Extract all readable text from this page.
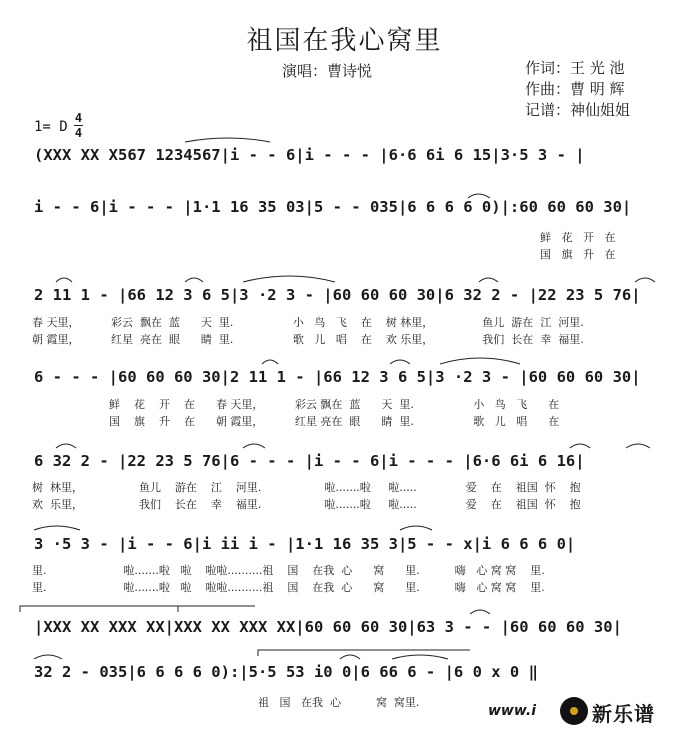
祖国在我心窝里
演唱：曹诗悦	作词：王 光 池
作曲：曹 明 辉
记谱：神仙姐姐
1= D
4
4
(XXX XX X567 1234567|i - - 6|i - - - |6·6 6i 6 15|3·5 3 - |
i - - 6|i - - - |1·1 16 35 03|5 - - 035|6 6 6 6 0)|:60 60 60 30|
鲜   花   开   在
国   旗   升   在
2 11 1 - |66 12 3 6 5|3 ·2 3 - |60 60 60 30|6 32 2 - |22 23 5 76|
春 天里，         彩云  飘在  蓝      天  里.                 小   鸟   飞    在    树 林里，              鱼儿  游在  江  河里.
朝 霞里，         红星  亮在  眼      睛  里.                 歌   儿   唱    在    欢 乐里，              我们  长在  幸  福里.
6 - - - |60 60 60 30|2 11 1 - |66 12 3 6 5|3 ·2 3 - |60 60 60 30|
鲜    花    开    在      春 天里，         彩云 飘在  蓝      天  里.                 小   鸟   飞      在
国    旗    升    在      朝 霞里，         红星 亮在  眼      睛  里.                 歌   儿   唱      在
6 32 2 - |22 23 5 76|6 - - - |i - - 6|i - - - |6·6 6i 6 16|
树  林里，                鱼儿    游在    江    河里.                  啦.......啦     啦.....              爱    在    祖国  怀    抱
欢  乐里，                我们    长在    幸    福里.                  啦.......啦     啦.....              爱    在    祖国  怀    抱
3 ·5 3 - |i - - 6|i ii i - |1·1 16 35 3|5 - - x|i 6 6 6 0|
里.                      啦.......啦   啦    啦啦..........祖    国    在我  心      窝      里.          嗨   心 窝 窝    里.
里.                      啦.......啦   啦    啦啦..........祖    国    在我  心      窝      里.          嗨   心 窝 窝    里.
|XXX XX XXX XX|XXX XX XXX XX|60 60 60 30|63 3 - - |60 60 60 30|
32 2 - 035|6 6 6 6 0):|5·5 53 i0 0|6 66 6 - |6 0 x 0 ‖
祖   国   在我  心          窝  窝里.
www.i	新乐谱
